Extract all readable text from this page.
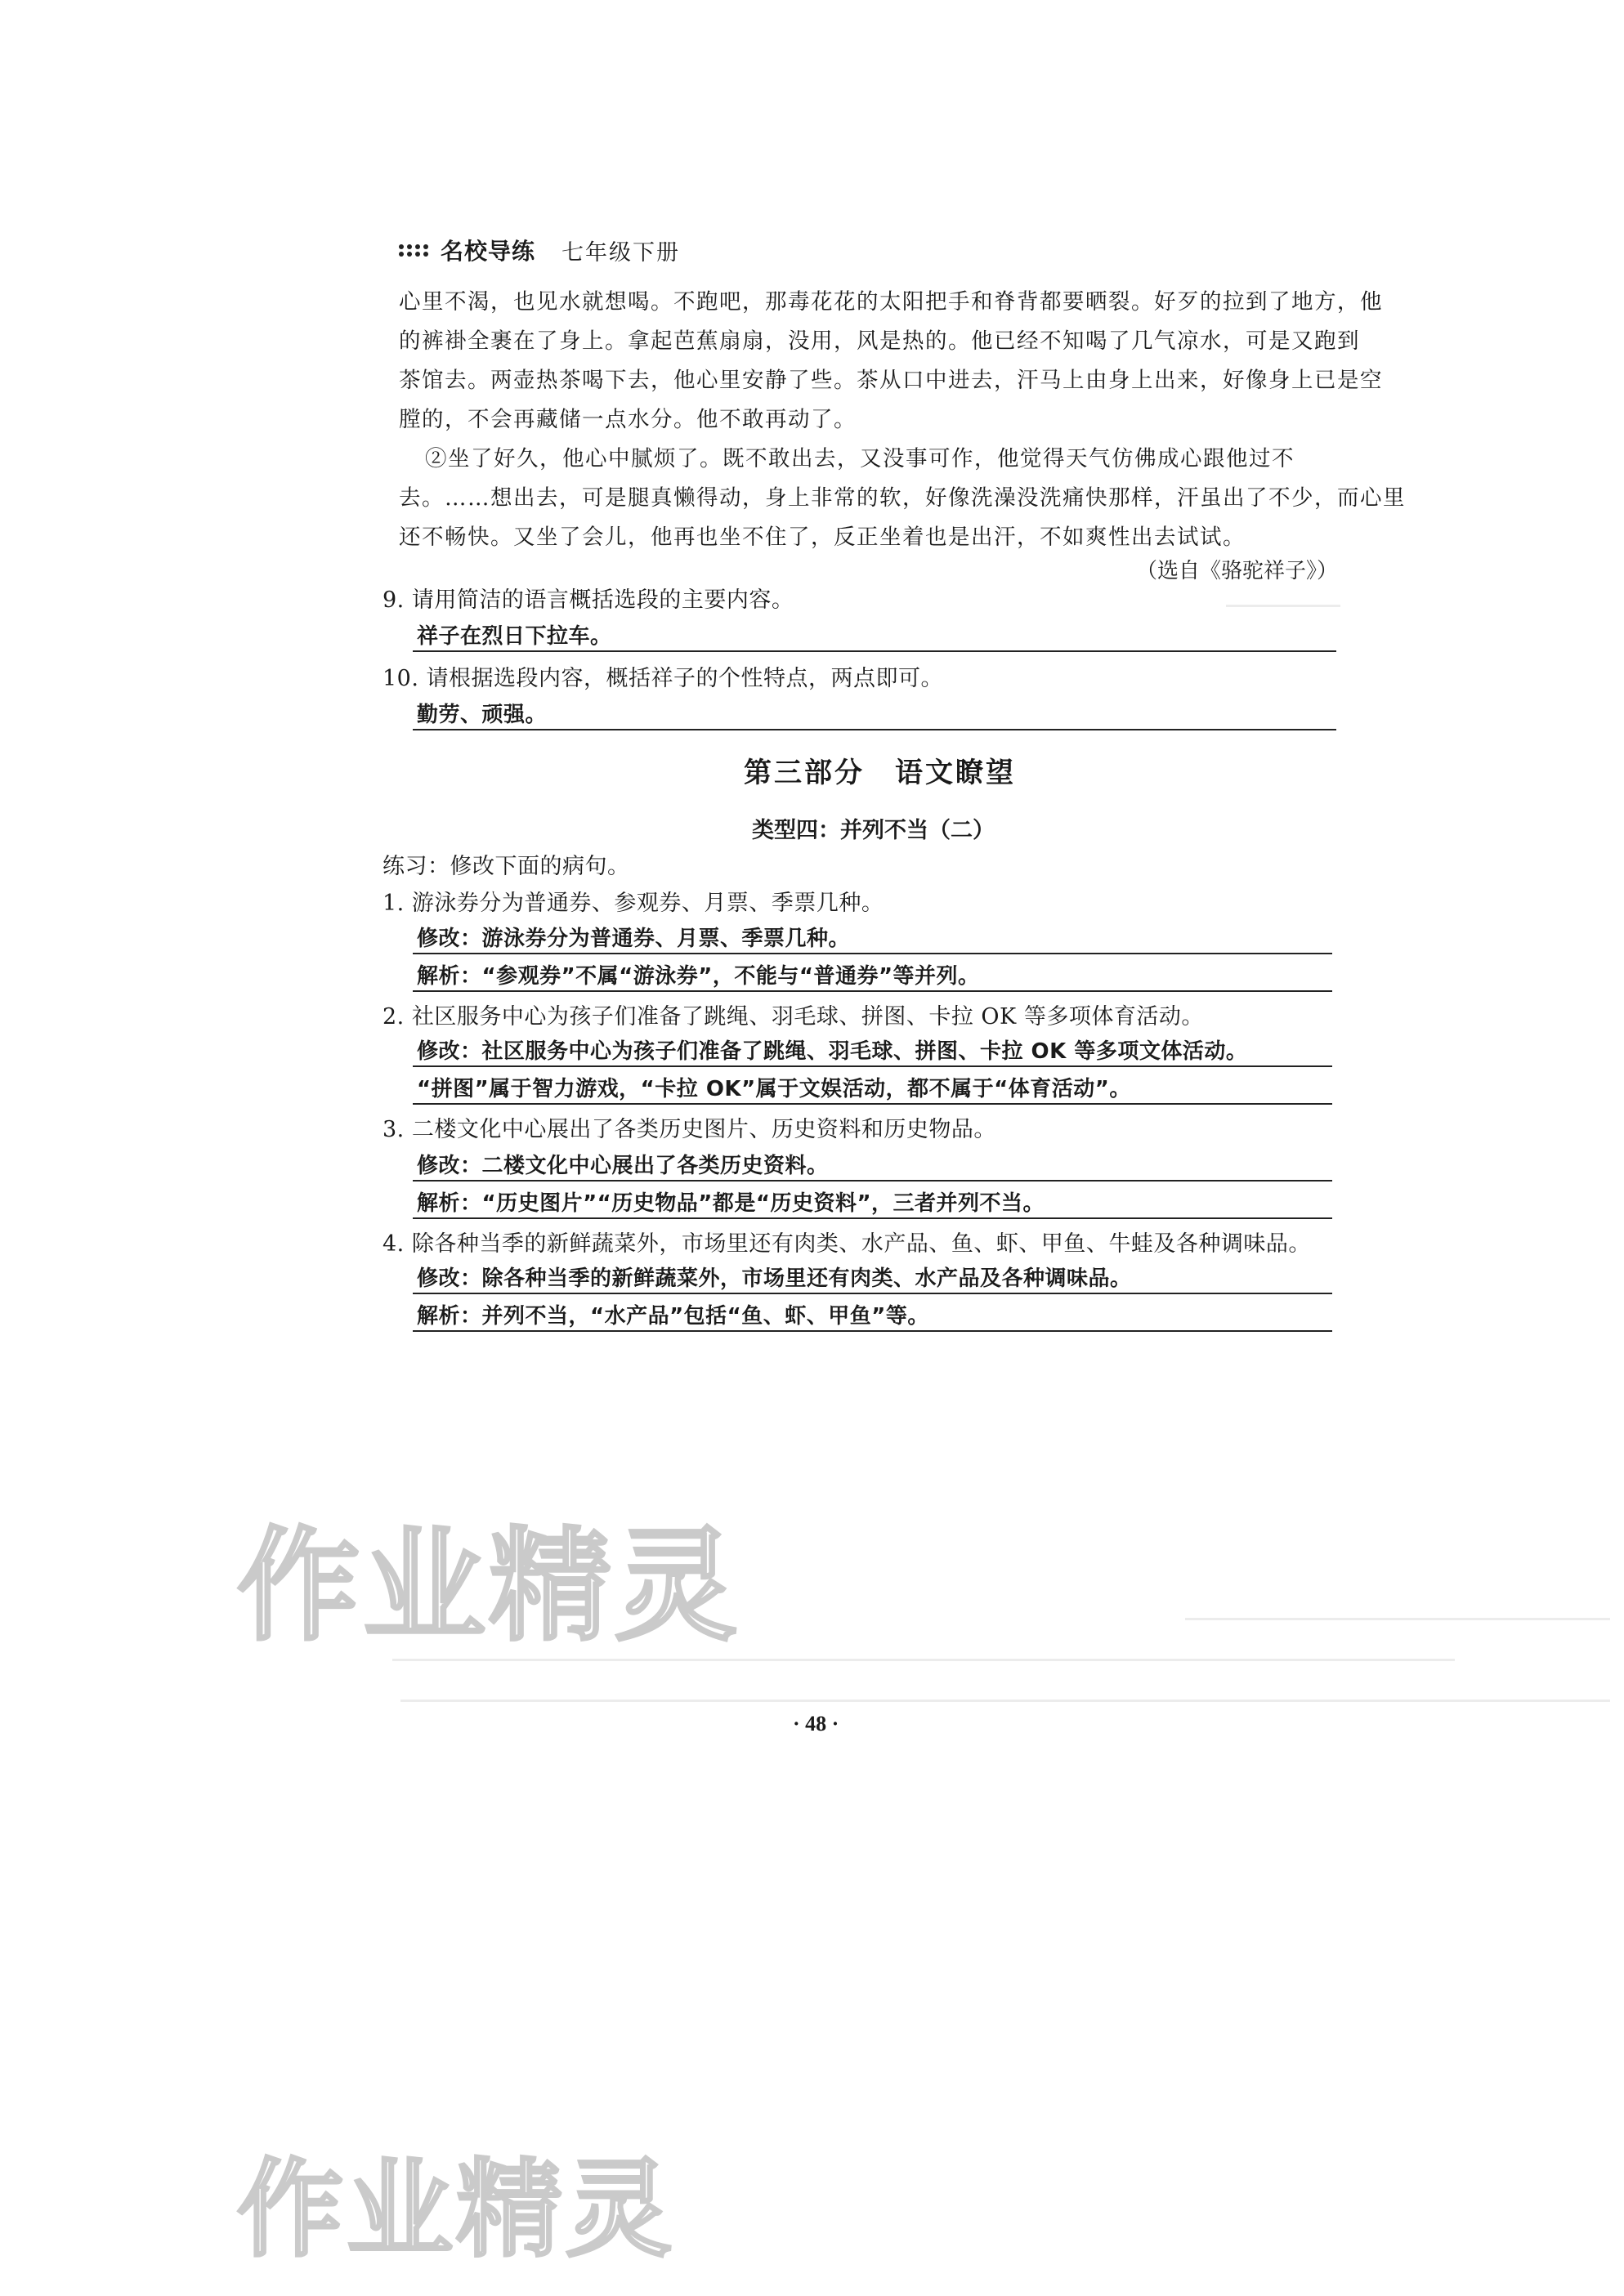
名校导练 七年级下册
心里不渴，也见水就想喝。不跑吧，那毒花花的太阳把手和脊背都要晒裂。好歹的拉到了地方，他
的裤褂全裹在了身上。拿起芭蕉扇扇，没用，风是热的。他已经不知喝了几气凉水，可是又跑到
茶馆去。两壶热茶喝下去，他心里安静了些。茶从口中进去，汗马上由身上出来，好像身上已是空
膛的，不会再藏储一点水分。他不敢再动了。
②坐了好久，他心中腻烦了。既不敢出去，又没事可作，他觉得天气仿佛成心跟他过不
去。……想出去，可是腿真懒得动，身上非常的软，好像洗澡没洗痛快那样，汗虽出了不少，而心里
还不畅快。又坐了会儿，他再也坐不住了，反正坐着也是出汗，不如爽性出去试试。
（选自《骆驼祥子》）
9. 请用简洁的语言概括选段的主要内容。
祥子在烈日下拉车。
10. 请根据选段内容，概括祥子的个性特点，两点即可。
勤劳、顽强。
第三部分　语文瞭望
类型四：并列不当（二）
练习：修改下面的病句。
1. 游泳券分为普通券、参观券、月票、季票几种。
修改：游泳券分为普通券、月票、季票几种。
解析：“参观券”不属“游泳券”，不能与“普通券”等并列。
2. 社区服务中心为孩子们准备了跳绳、羽毛球、拼图、卡拉 OK 等多项体育活动。
修改：社区服务中心为孩子们准备了跳绳、羽毛球、拼图、卡拉 OK 等多项文体活动。
“拼图”属于智力游戏，“卡拉 OK”属于文娱活动，都不属于“体育活动”。
3. 二楼文化中心展出了各类历史图片、历史资料和历史物品。
修改：二楼文化中心展出了各类历史资料。
解析：“历史图片”“历史物品”都是“历史资料”，三者并列不当。
4. 除各种当季的新鲜蔬菜外，市场里还有肉类、水产品、鱼、虾、甲鱼、牛蛙及各种调味品。
修改：除各种当季的新鲜蔬菜外，市场里还有肉类、水产品及各种调味品。
解析：并列不当，“水产品”包括“鱼、虾、甲鱼”等。
作业精灵
作业精灵
· 48 ·
